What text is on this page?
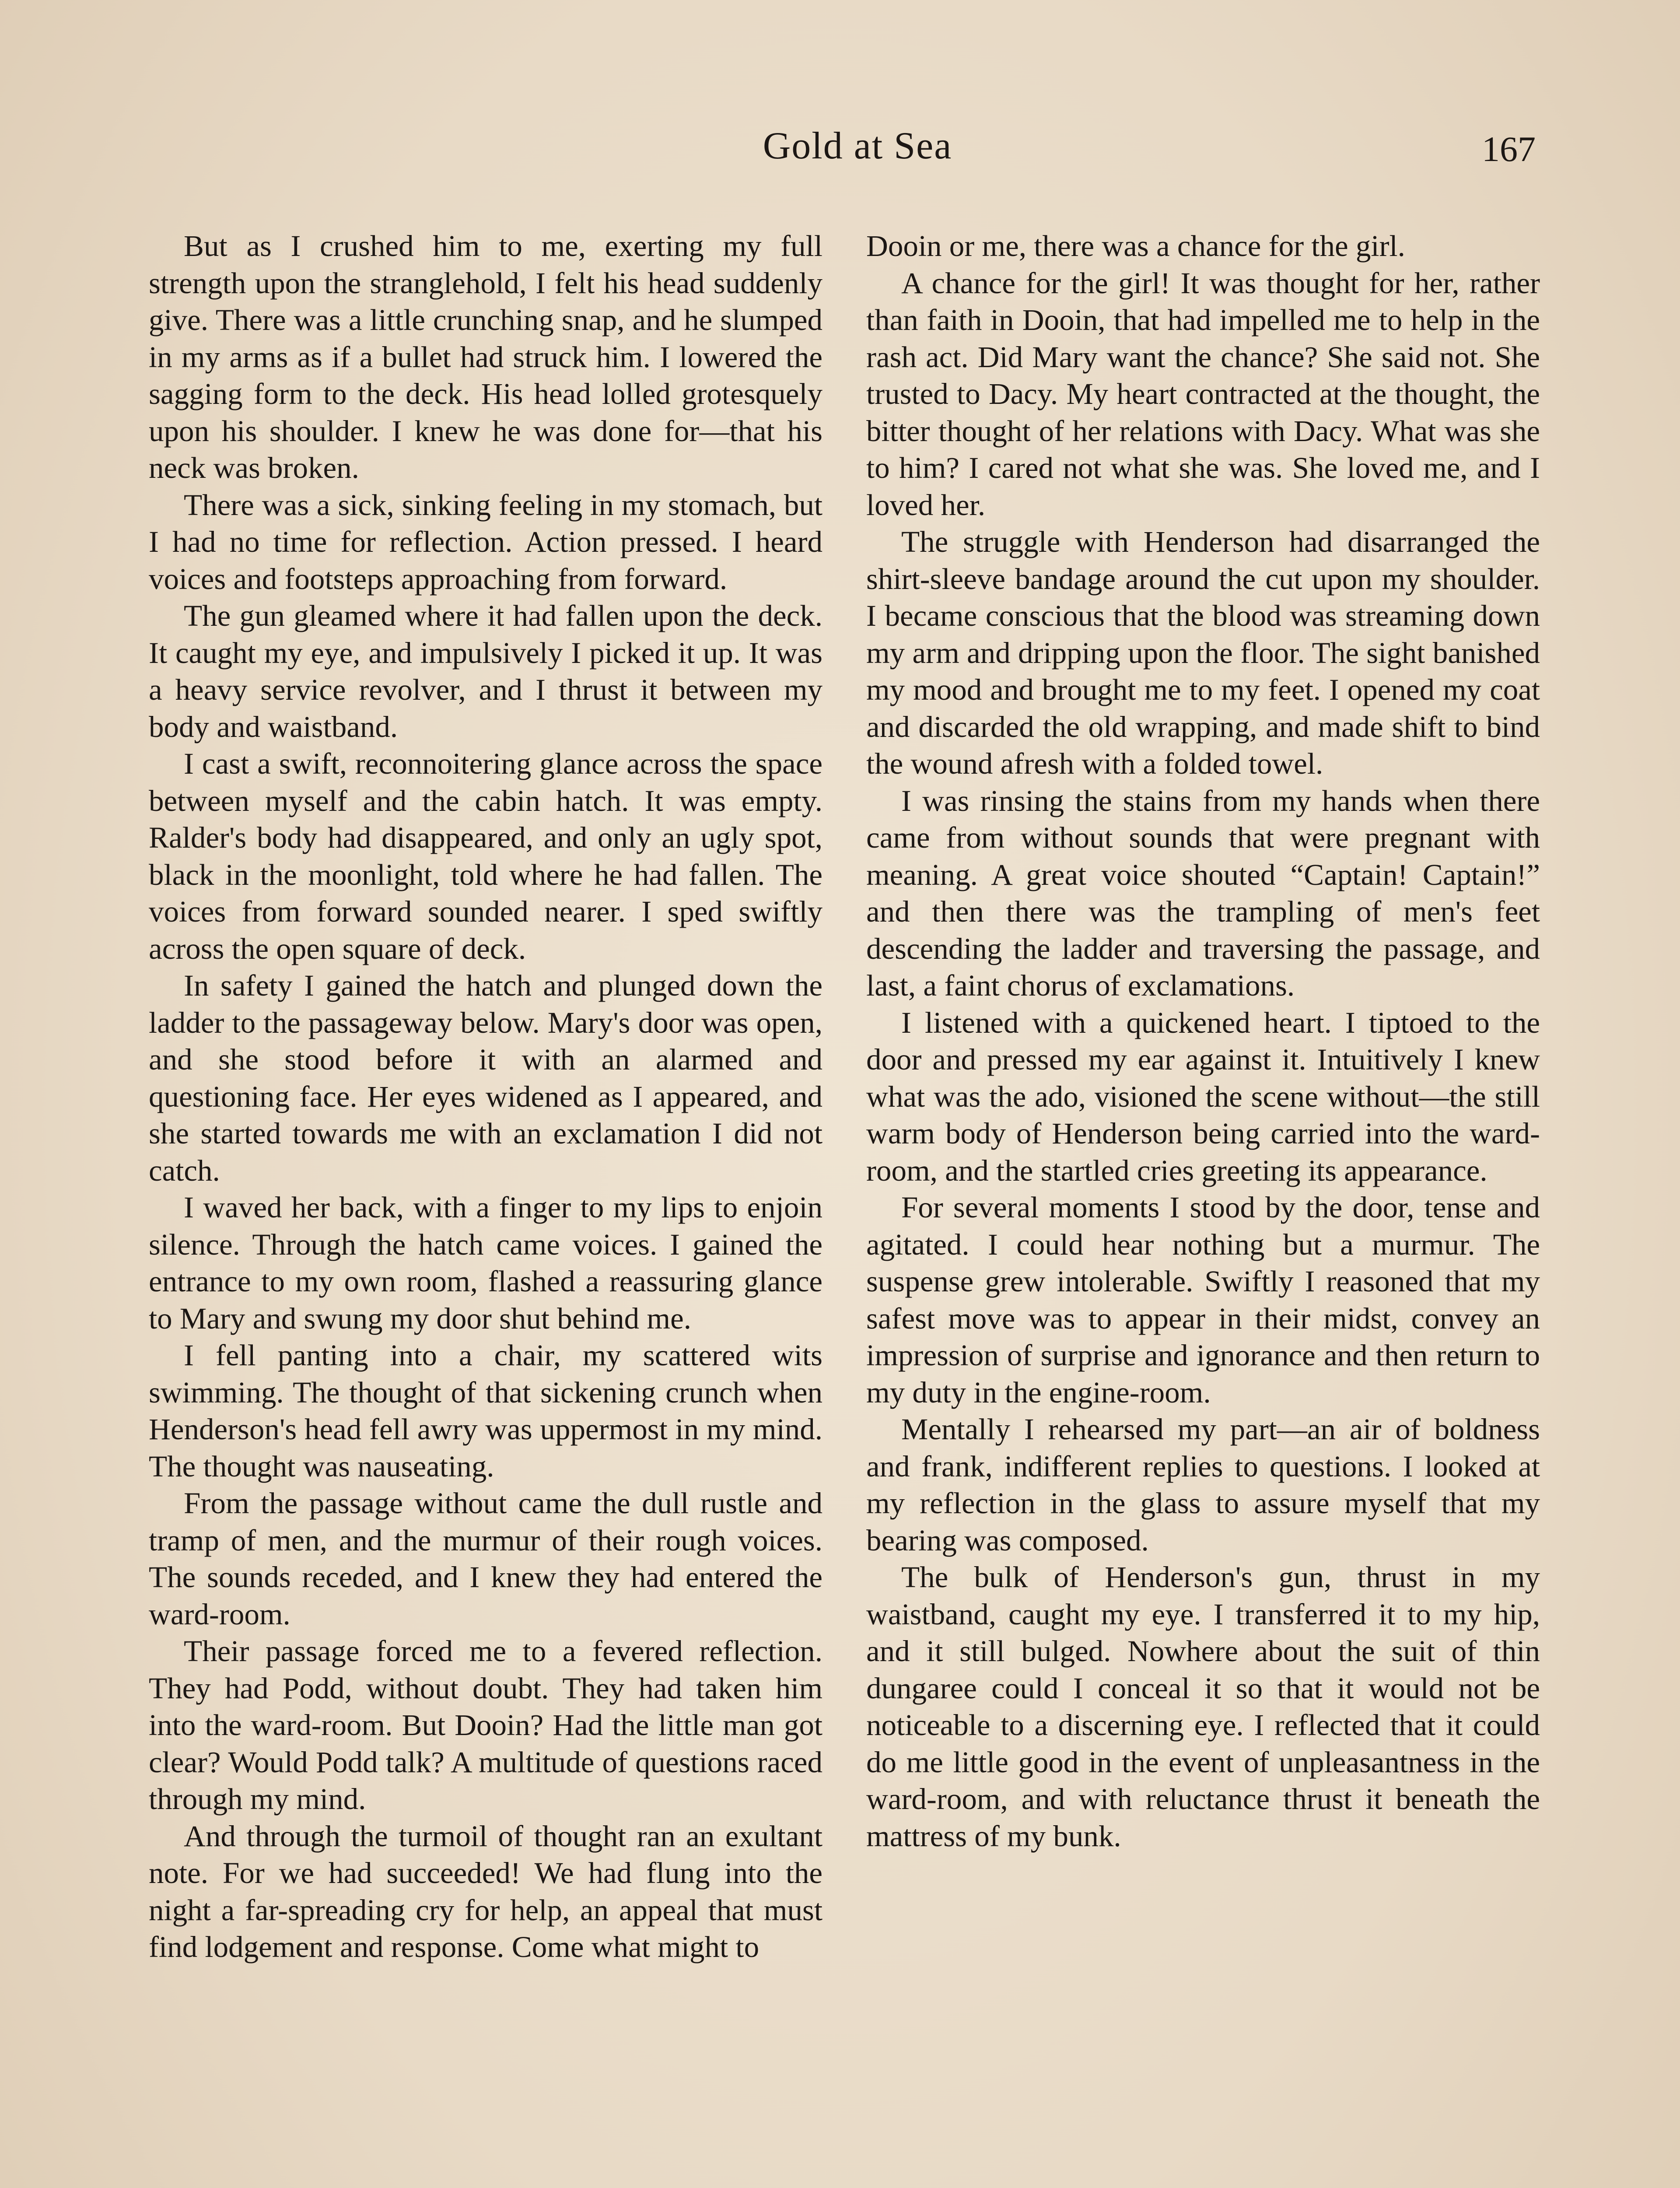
Gold at Sea	167

But as I crushed him to me, exerting my full strength upon the stranglehold, I felt his head suddenly give. There was a little crunching snap, and he slumped in my arms as if a bullet had struck him. I lowered the sagging form to the deck. His head lolled grotesquely upon his shoulder. I knew he was done for—that his neck was broken.

There was a sick, sinking feeling in my stomach, but I had no time for reflection. Action pressed. I heard voices and footsteps approaching from forward.

The gun gleamed where it had fallen upon the deck. It caught my eye, and impulsively I picked it up. It was a heavy service revolver, and I thrust it between my body and waistband.

I cast a swift, reconnoitering glance across the space between myself and the cabin hatch. It was empty. Ralder's body had disappeared, and only an ugly spot, black in the moonlight, told where he had fallen. The voices from forward sounded nearer. I sped swiftly across the open square of deck.

In safety I gained the hatch and plunged down the ladder to the passageway below. Mary's door was open, and she stood before it with an alarmed and questioning face. Her eyes widened as I appeared, and she started towards me with an exclamation I did not catch.

I waved her back, with a finger to my lips to enjoin silence. Through the hatch came voices. I gained the entrance to my own room, flashed a reassuring glance to Mary and swung my door shut behind me.

I fell panting into a chair, my scattered wits swimming. The thought of that sickening crunch when Henderson's head fell awry was uppermost in my mind. The thought was nauseating.

From the passage without came the dull rustle and tramp of men, and the murmur of their rough voices. The sounds receded, and I knew they had entered the ward-room.

Their passage forced me to a fevered reflection. They had Podd, without doubt. They had taken him into the ward-room. But Dooin? Had the little man got clear? Would Podd talk? A multitude of questions raced through my mind.

And through the turmoil of thought ran an exultant note. For we had succeeded! We had flung into the night a far-spreading cry for help, an appeal that must find lodgement and response. Come what might to

Dooin or me, there was a chance for the girl.

A chance for the girl! It was thought for her, rather than faith in Dooin, that had impelled me to help in the rash act. Did Mary want the chance? She said not. She trusted to Dacy. My heart contracted at the thought, the bitter thought of her relations with Dacy. What was she to him? I cared not what she was. She loved me, and I loved her.

The struggle with Henderson had disarranged the shirt-sleeve bandage around the cut upon my shoulder. I became conscious that the blood was streaming down my arm and dripping upon the floor. The sight banished my mood and brought me to my feet. I opened my coat and discarded the old wrapping, and made shift to bind the wound afresh with a folded towel.

I was rinsing the stains from my hands when there came from without sounds that were pregnant with meaning. A great voice shouted “Captain! Captain!” and then there was the trampling of men's feet descending the ladder and traversing the passage, and last, a faint chorus of exclamations.

I listened with a quickened heart. I tiptoed to the door and pressed my ear against it. Intuitively I knew what was the ado, visioned the scene without—the still warm body of Henderson being carried into the ward-room, and the startled cries greeting its appearance.

For several moments I stood by the door, tense and agitated. I could hear nothing but a murmur. The suspense grew intolerable. Swiftly I reasoned that my safest move was to appear in their midst, convey an impression of surprise and ignorance and then return to my duty in the engine-room.

Mentally I rehearsed my part—an air of boldness and frank, indifferent replies to questions. I looked at my reflection in the glass to assure myself that my bearing was composed.

The bulk of Henderson's gun, thrust in my waistband, caught my eye. I transferred it to my hip, and it still bulged. Nowhere about the suit of thin dungaree could I conceal it so that it would not be noticeable to a discerning eye. I reflected that it could do me little good in the event of unpleasantness in the ward-room, and with reluctance thrust it beneath the mattress of my bunk.
